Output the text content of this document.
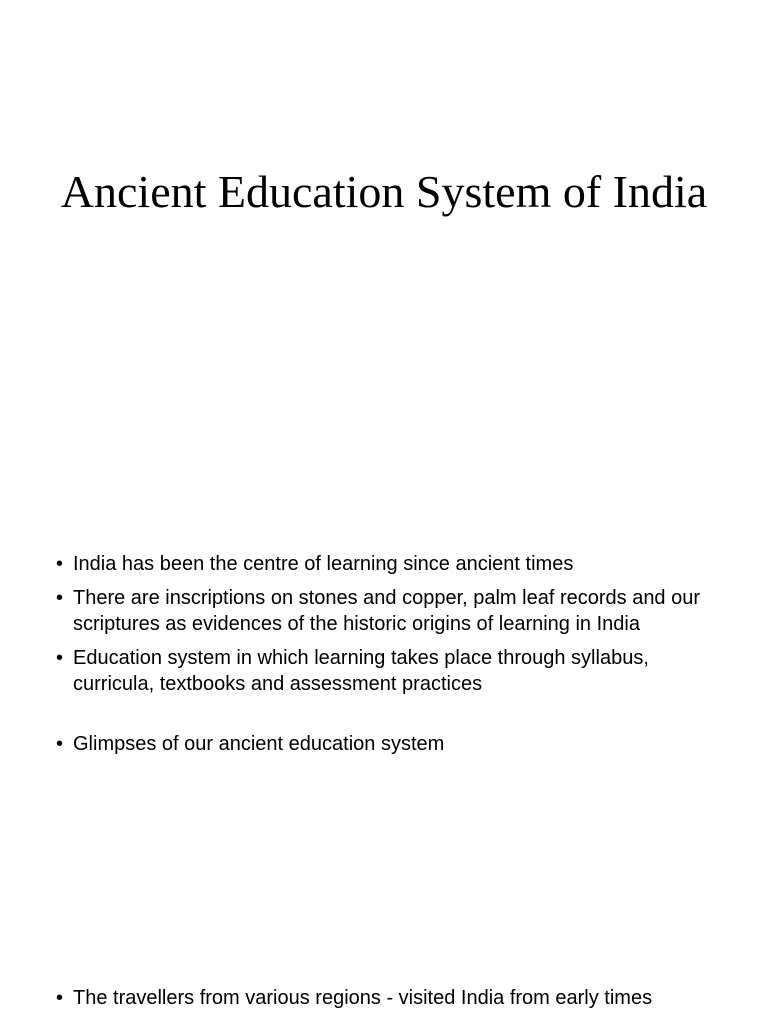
Ancient Education System of India
• India has been the centre of learning since ancient times
• There are inscriptions on stones and copper, palm leaf records and our scriptures as evidences of the historic origins of learning in India
• Education system in which learning takes place through syllabus, curricula, textbooks and assessment practices
• Glimpses of our ancient education system
• The travellers from various regions - visited India from early times
